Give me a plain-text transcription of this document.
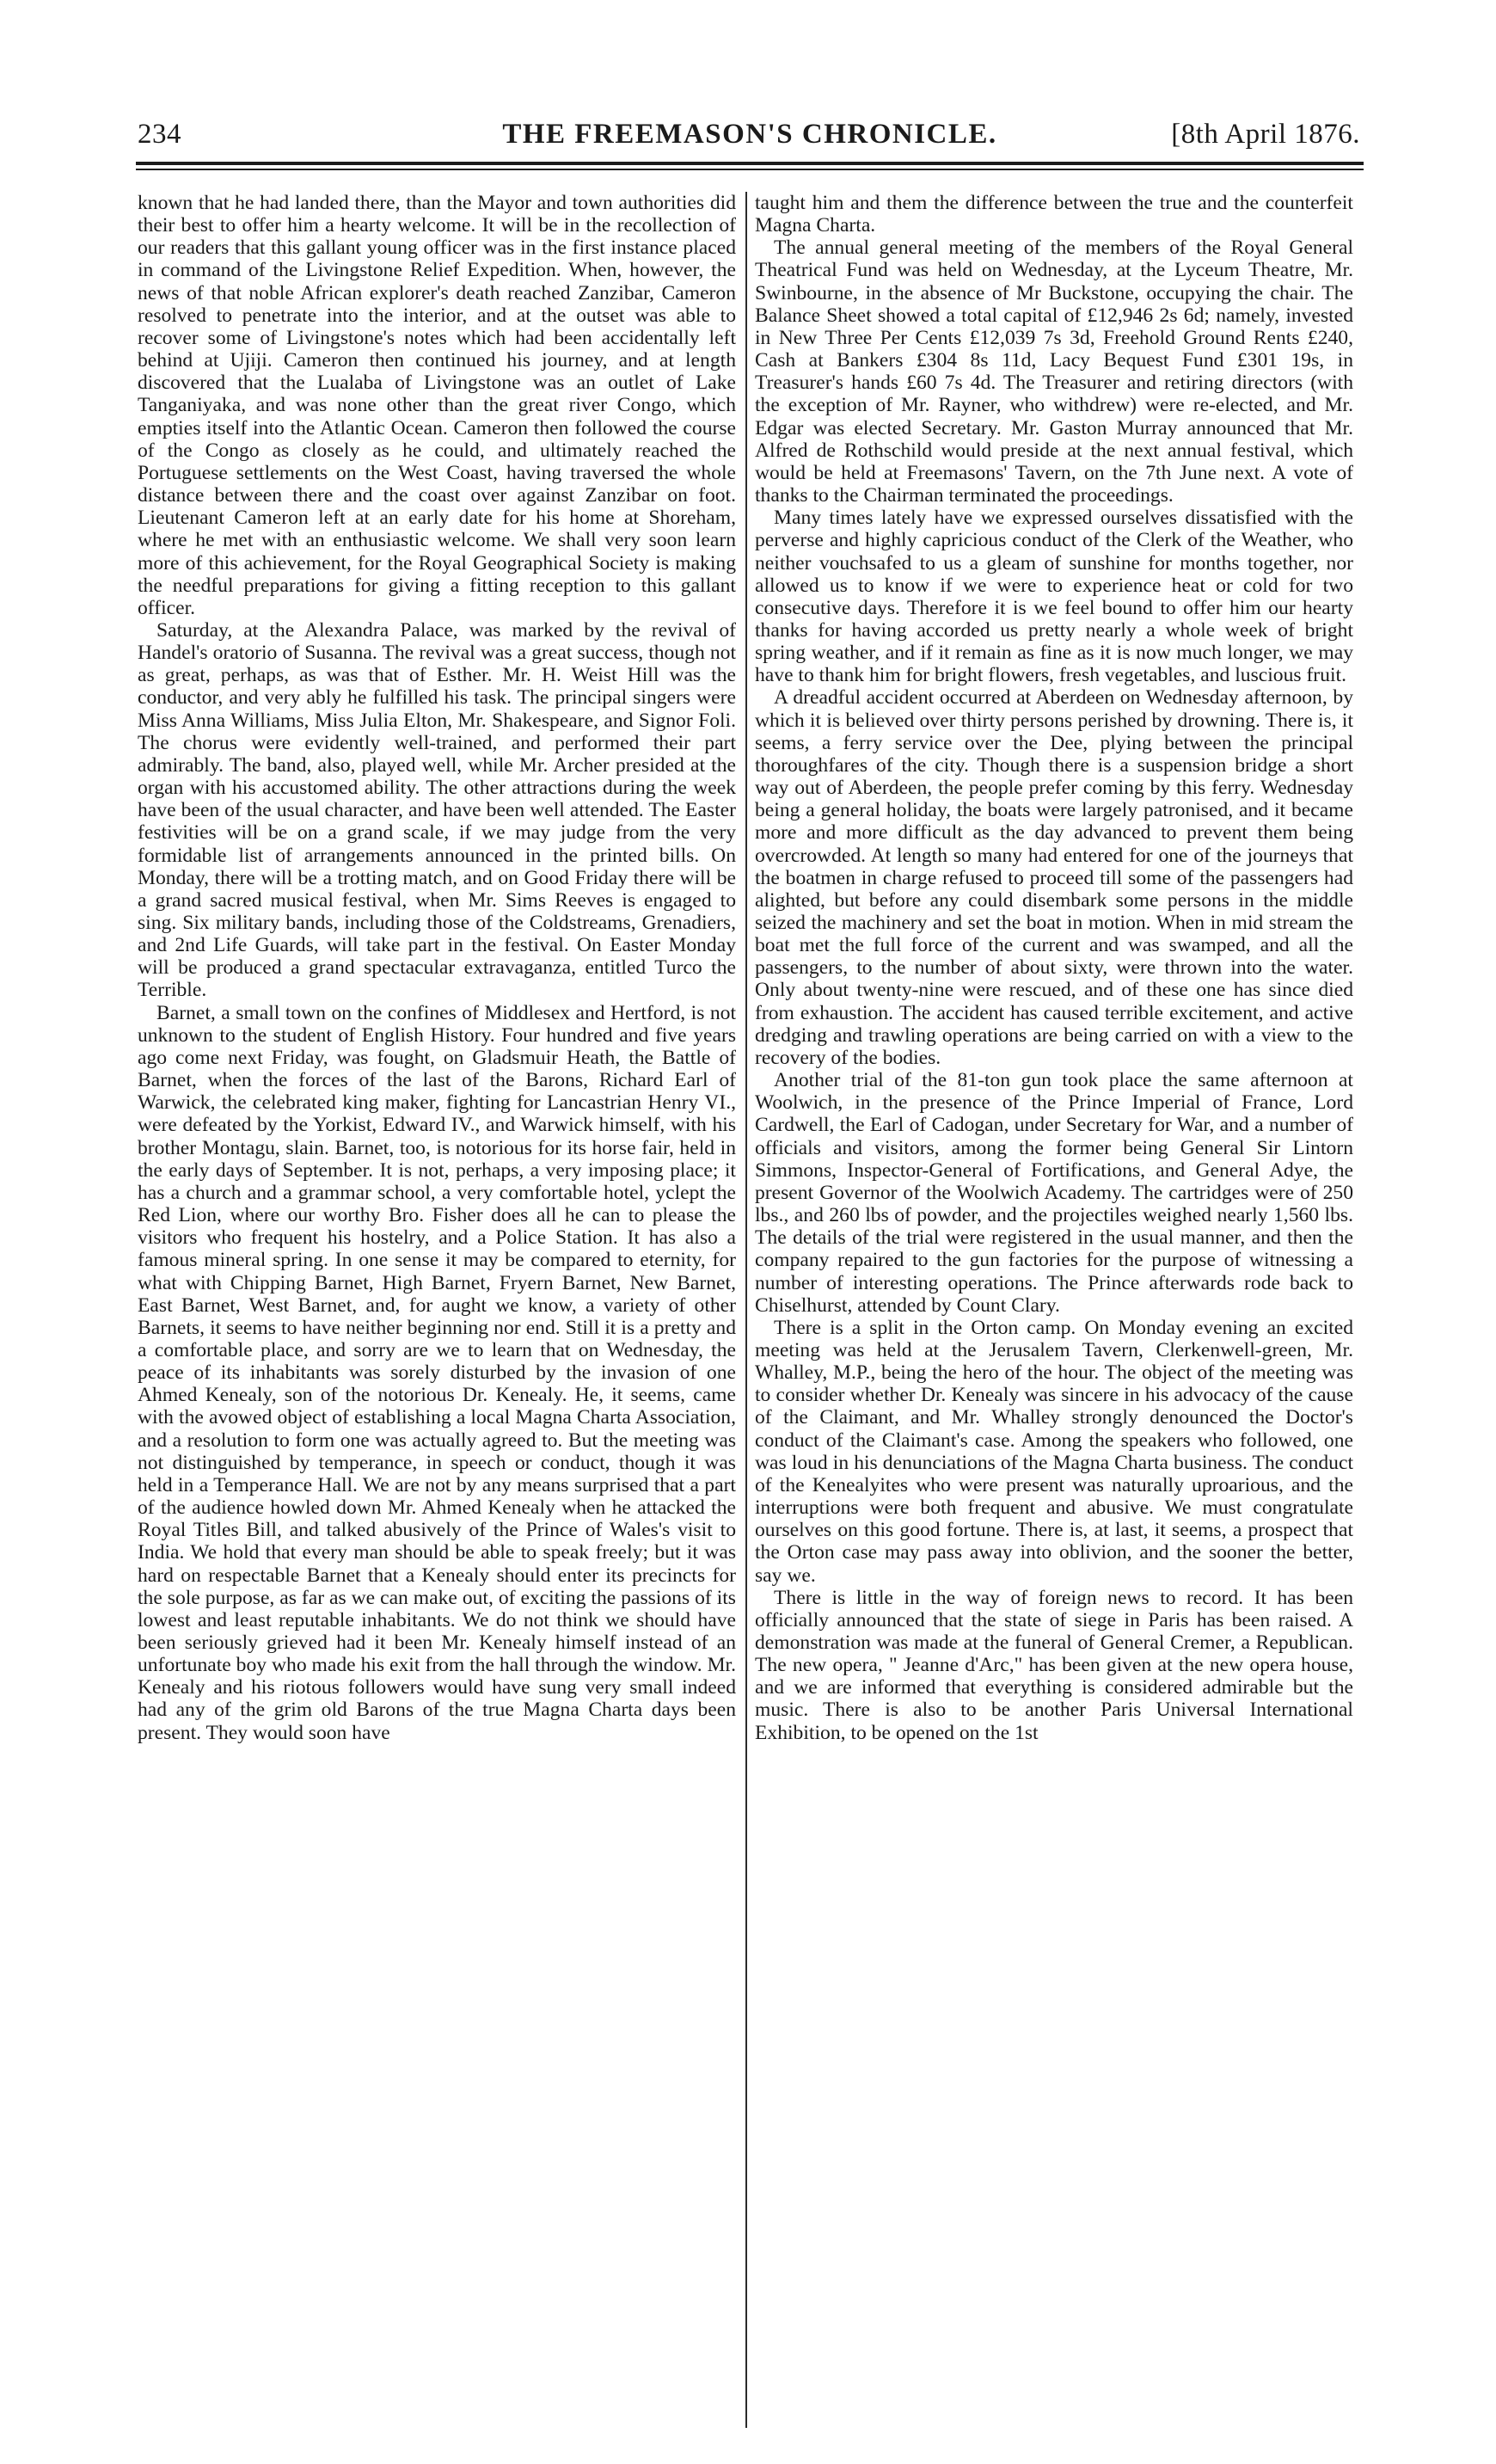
234	THE FREEMASON'S CHRONICLE.	[8th April 1876.

known that he had landed there, than the Mayor and town authorities did their best to offer him a hearty welcome. It will be in the recollection of our readers that this gallant young officer was in the first instance placed in command of the Livingstone Relief Expedition. When, however, the news of that noble African explorer's death reached Zanzibar, Cameron resolved to penetrate into the interior, and at the outset was able to recover some of Livingstone's notes which had been accidentally left behind at Ujiji. Cameron then continued his journey, and at length discovered that the Lualaba of Livingstone was an outlet of Lake Tanganiyaka, and was none other than the great river Congo, which empties itself into the Atlantic Ocean. Cameron then followed the course of the Congo as closely as he could, and ultimately reached the Portuguese settlements on the West Coast, having traversed the whole distance between there and the coast over against Zanzibar on foot. Lieutenant Cameron left at an early date for his home at Shoreham, where he met with an enthusiastic welcome. We shall very soon learn more of this achievement, for the Royal Geographical Society is making the needful preparations for giving a fitting reception to this gallant officer.

Saturday, at the Alexandra Palace, was marked by the revival of Handel's oratorio of Susanna. The revival was a great success, though not as great, perhaps, as was that of Esther. Mr. H. Weist Hill was the conductor, and very ably he fulfilled his task. The principal singers were Miss Anna Williams, Miss Julia Elton, Mr. Shakespeare, and Signor Foli. The chorus were evidently well-trained, and performed their part admirably. The band, also, played well, while Mr. Archer presided at the organ with his accustomed ability. The other attractions during the week have been of the usual character, and have been well attended. The Easter festivities will be on a grand scale, if we may judge from the very formidable list of arrangements announced in the printed bills. On Monday, there will be a trotting match, and on Good Friday there will be a grand sacred musical festival, when Mr. Sims Reeves is engaged to sing. Six military bands, including those of the Coldstreams, Grenadiers, and 2nd Life Guards, will take part in the festival. On Easter Monday will be produced a grand spectacular extravaganza, entitled Turco the Terrible.

Barnet, a small town on the confines of Middlesex and Hertford, is not unknown to the student of English History. Four hundred and five years ago come next Friday, was fought, on Gladsmuir Heath, the Battle of Barnet, when the forces of the last of the Barons, Richard Earl of Warwick, the celebrated king maker, fighting for Lancastrian Henry VI., were defeated by the Yorkist, Edward IV., and Warwick himself, with his brother Montagu, slain. Barnet, too, is notorious for its horse fair, held in the early days of September. It is not, perhaps, a very imposing place; it has a church and a grammar school, a very comfortable hotel, yclept the Red Lion, where our worthy Bro. Fisher does all he can to please the visitors who frequent his hostelry, and a Police Station. It has also a famous mineral spring. In one sense it may be compared to eternity, for what with Chipping Barnet, High Barnet, Fryern Barnet, New Barnet, East Barnet, West Barnet, and, for aught we know, a variety of other Barnets, it seems to have neither beginning nor end. Still it is a pretty and a comfortable place, and sorry are we to learn that on Wednesday, the peace of its inhabitants was sorely disturbed by the invasion of one Ahmed Kenealy, son of the notorious Dr. Kenealy. He, it seems, came with the avowed object of establishing a local Magna Charta Association, and a resolution to form one was actually agreed to. But the meeting was not distinguished by temperance, in speech or conduct, though it was held in a Temperance Hall. We are not by any means surprised that a part of the audience howled down Mr. Ahmed Kenealy when he attacked the Royal Titles Bill, and talked abusively of the Prince of Wales's visit to India. We hold that every man should be able to speak freely; but it was hard on respectable Barnet that a Kenealy should enter its precincts for the sole purpose, as far as we can make out, of exciting the passions of its lowest and least reputable inhabitants. We do not think we should have been seriously grieved had it been Mr. Kenealy himself instead of an unfortunate boy who made his exit from the hall through the window. Mr. Kenealy and his riotous followers would have sung very small indeed had any of the grim old Barons of the true Magna Charta days been present. They would soon have

taught him and them the difference between the true and the counterfeit Magna Charta.

The annual general meeting of the members of the Royal General Theatrical Fund was held on Wednesday, at the Lyceum Theatre, Mr. Swinbourne, in the absence of Mr Buckstone, occupying the chair. The Balance Sheet showed a total capital of £12,946 2s 6d; namely, invested in New Three Per Cents £12,039 7s 3d, Freehold Ground Rents £240, Cash at Bankers £304 8s 11d, Lacy Bequest Fund £301 19s, in Treasurer's hands £60 7s 4d. The Treasurer and retiring directors (with the exception of Mr. Rayner, who withdrew) were re-elected, and Mr. Edgar was elected Secretary. Mr. Gaston Murray announced that Mr. Alfred de Rothschild would preside at the next annual festival, which would be held at Freemasons' Tavern, on the 7th June next. A vote of thanks to the Chairman terminated the proceedings.

Many times lately have we expressed ourselves dissatisfied with the perverse and highly capricious conduct of the Clerk of the Weather, who neither vouchsafed to us a gleam of sunshine for months together, nor allowed us to know if we were to experience heat or cold for two consecutive days. Therefore it is we feel bound to offer him our hearty thanks for having accorded us pretty nearly a whole week of bright spring weather, and if it remain as fine as it is now much longer, we may have to thank him for bright flowers, fresh vegetables, and luscious fruit.

A dreadful accident occurred at Aberdeen on Wednesday afternoon, by which it is believed over thirty persons perished by drowning. There is, it seems, a ferry service over the Dee, plying between the principal thoroughfares of the city. Though there is a suspension bridge a short way out of Aberdeen, the people prefer coming by this ferry. Wednesday being a general holiday, the boats were largely patronised, and it became more and more difficult as the day advanced to prevent them being overcrowded. At length so many had entered for one of the journeys that the boatmen in charge refused to proceed till some of the passengers had alighted, but before any could disembark some persons in the middle seized the machinery and set the boat in motion. When in mid stream the boat met the full force of the current and was swamped, and all the passengers, to the number of about sixty, were thrown into the water. Only about twenty-nine were rescued, and of these one has since died from exhaustion. The accident has caused terrible excitement, and active dredging and trawling operations are being carried on with a view to the recovery of the bodies.

Another trial of the 81-ton gun took place the same afternoon at Woolwich, in the presence of the Prince Imperial of France, Lord Cardwell, the Earl of Cadogan, under Secretary for War, and a number of officials and visitors, among the former being General Sir Lintorn Simmons, Inspector-General of Fortifications, and General Adye, the present Governor of the Woolwich Academy. The cartridges were of 250 lbs., and 260 lbs of powder, and the projectiles weighed nearly 1,560 lbs. The details of the trial were registered in the usual manner, and then the company repaired to the gun factories for the purpose of witnessing a number of interesting operations. The Prince afterwards rode back to Chiselhurst, attended by Count Clary.

There is a split in the Orton camp. On Monday evening an excited meeting was held at the Jerusalem Tavern, Clerkenwell-green, Mr. Whalley, M.P., being the hero of the hour. The object of the meeting was to consider whether Dr. Kenealy was sincere in his advocacy of the cause of the Claimant, and Mr. Whalley strongly denounced the Doctor's conduct of the Claimant's case. Among the speakers who followed, one was loud in his denunciations of the Magna Charta business. The conduct of the Kenealyites who were present was naturally uproarious, and the interruptions were both frequent and abusive. We must congratulate ourselves on this good fortune. There is, at last, it seems, a prospect that the Orton case may pass away into oblivion, and the sooner the better, say we.

There is little in the way of foreign news to record. It has been officially announced that the state of siege in Paris has been raised. A demonstration was made at the funeral of General Cremer, a Republican. The new opera, " Jeanne d'Arc," has been given at the new opera house, and we are informed that everything is considered admirable but the music. There is also to be another Paris Universal International Exhibition, to be opened on the 1st
